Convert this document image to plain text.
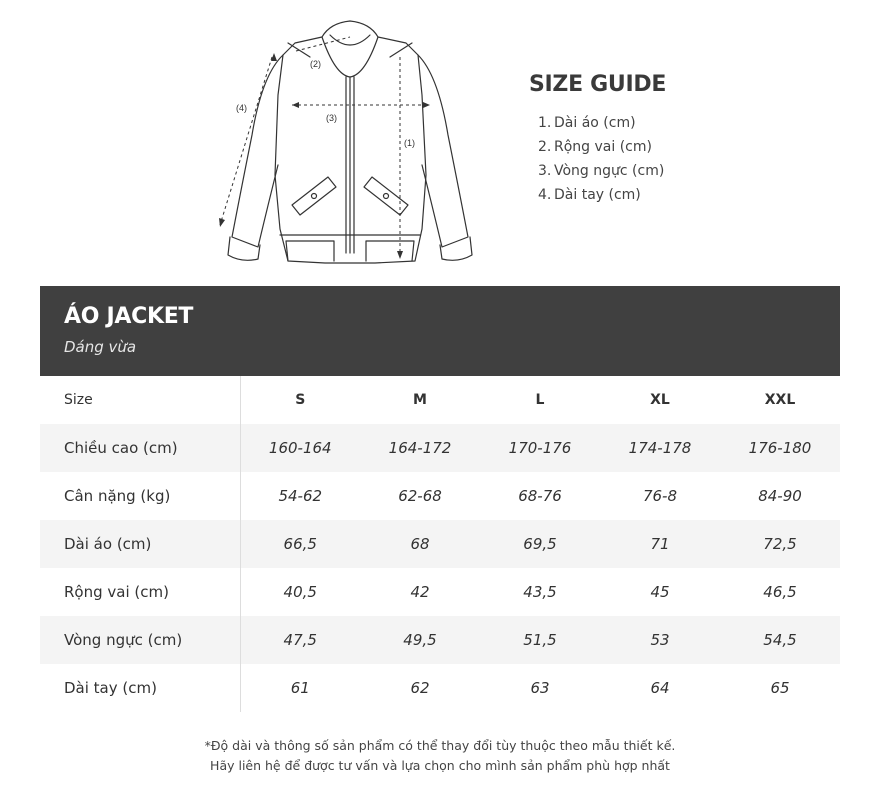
(1)
(2)
(3)
(4)
SIZE GUIDE
1. Dài áo (cm)
2. Rộng vai (cm)
3. Vòng ngực (cm)
4. Dài tay (cm)
ÁO JACKET
Dáng vừa
Size	S	M	L	XL	XXL
Chiều cao (cm)	160-164	164-172	170-176	174-178	176-180
Cân nặng (kg)	54-62	62-68	68-76	76-8	84-90
Dài áo (cm)	66,5	68	69,5	71	72,5
Rộng vai (cm)	40,5	42	43,5	45	46,5
Vòng ngực (cm)	47,5	49,5	51,5	53	54,5
Dài tay (cm)	61	62	63	64	65
*Độ dài và thông số sản phẩm có thể thay đổi tùy thuộc theo mẫu thiết kế.
Hãy liên hệ để được tư vấn và lựa chọn cho mình sản phẩm phù hợp nhất
